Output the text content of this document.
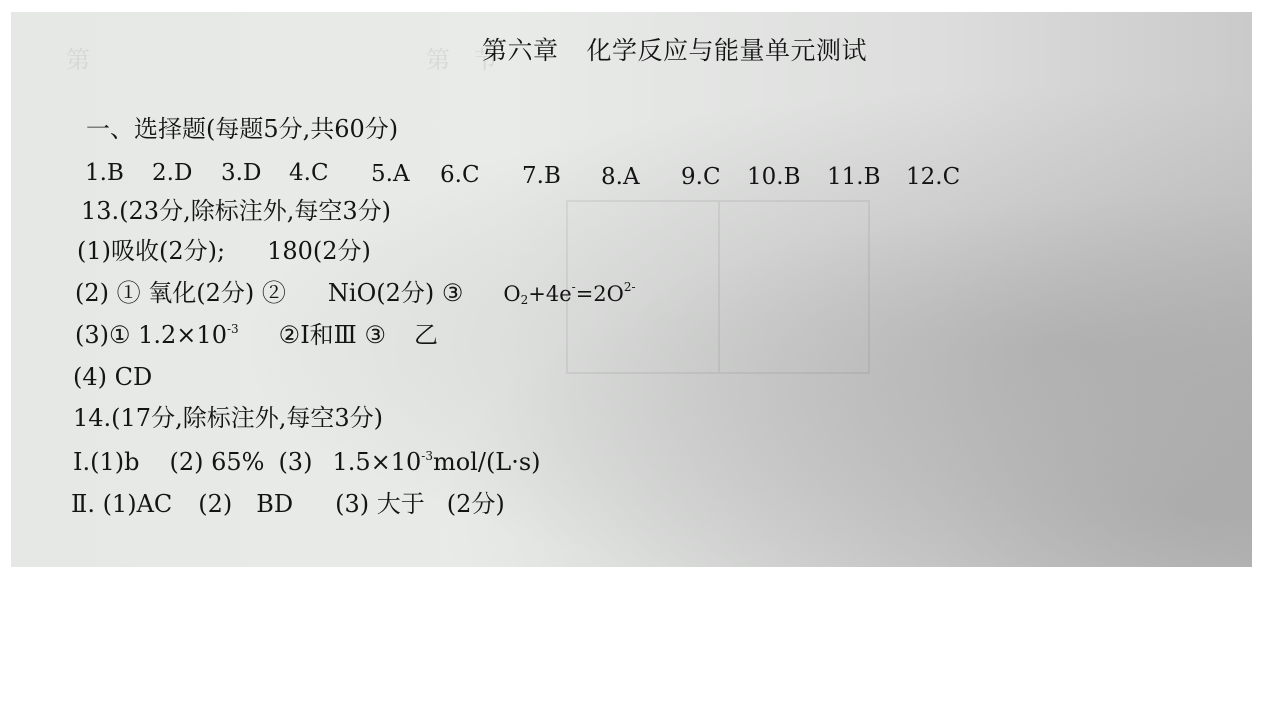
第　　　　　　　　　　　　　　第　节
第六章 化学反应与能量单元测试
一、选择题(每题5分,共60分)
1.B 2.D 3.D 4.C 5.A 6.C 7.B 8.A 9.C 10.B 11.B 12.C
13.(23分,除标注外,每空3分)
(1)吸收(2分); 180(2分)
(2) ① 氧化(2分) ② NiO(2分) ③ $O_2+4e^-=2O^{2-}$
(3)① $1.2\times 10^{-3}$ ②Ⅰ和Ⅲ ③ 乙
(4) CD
14.(17分,除标注外,每空3分)
Ⅰ.(1)b (2) 65% (3) $1.5\times 10^{-3}mol/(L\cdot s)$
Ⅱ. (1)AC (2) BD (3) 大于 (2分)
